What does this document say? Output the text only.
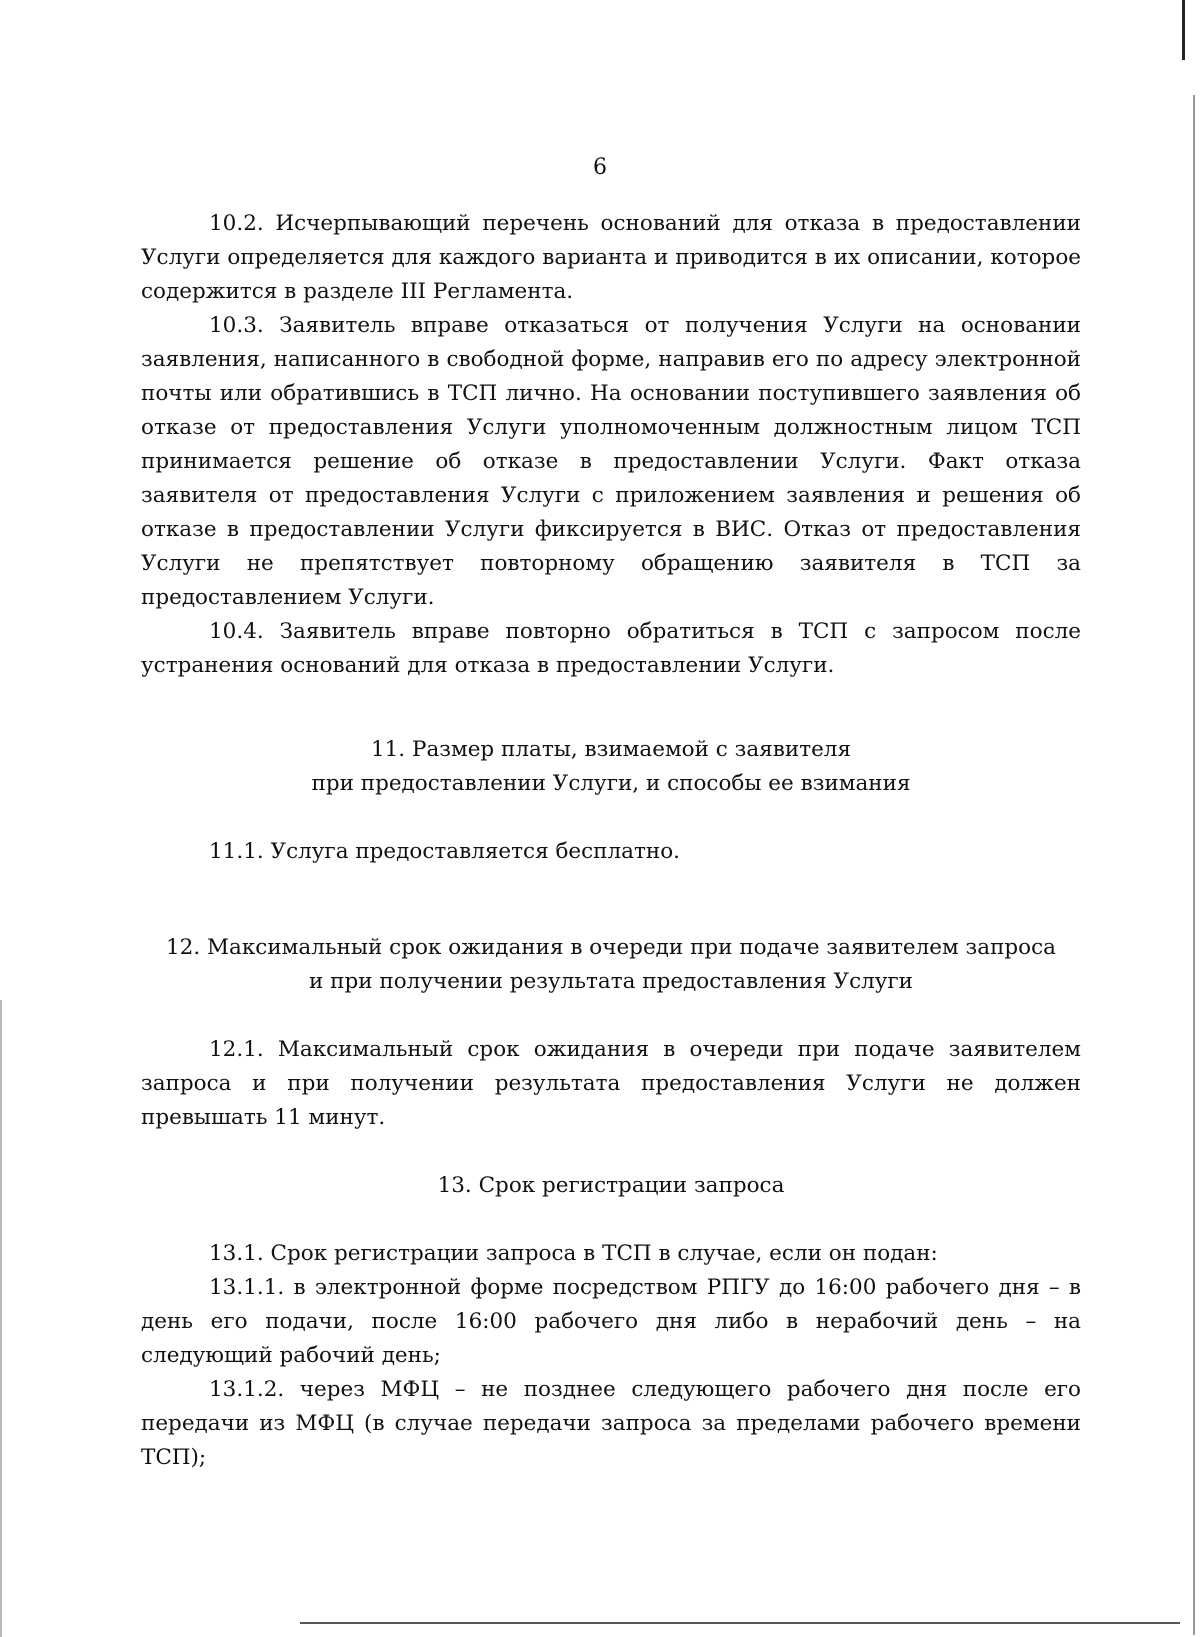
6

10.2. Исчерпывающий перечень оснований для отказа в предоставлении Услуги определяется для каждого варианта и приводится в их описании, которое содержится в разделе III Регламента.

10.3. Заявитель вправе отказаться от получения Услуги на основании заявления, написанного в свободной форме, направив его по адресу электронной почты или обратившись в ТСП лично. На основании поступившего заявления об отказе от предоставления Услуги уполномоченным должностным лицом ТСП принимается решение об отказе в предоставлении Услуги. Факт отказа заявителя от предоставления Услуги с приложением заявления и решения об отказе в предоставлении Услуги фиксируется в ВИС. Отказ от предоставления Услуги не препятствует повторному обращению заявителя в ТСП за предоставлением Услуги.

10.4. Заявитель вправе повторно обратиться в ТСП с запросом после устранения оснований для отказа в предоставлении Услуги.

11. Размер платы, взимаемой с заявителя

при предоставлении Услуги, и способы ее взимания

11.1. Услуга предоставляется бесплатно.

12. Максимальный срок ожидания в очереди при подаче заявителем запроса

и при получении результата предоставления Услуги

12.1. Максимальный срок ожидания в очереди при подаче заявителем запроса и при получении результата предоставления Услуги не должен превышать 11 минут.

13. Срок регистрации запроса

13.1. Срок регистрации запроса в ТСП в случае, если он подан:

13.1.1. в электронной форме посредством РПГУ до 16:00 рабочего дня – в день его подачи, после 16:00 рабочего дня либо в нерабочий день – на следующий рабочий день;

13.1.2. через МФЦ – не позднее следующего рабочего дня после его передачи из МФЦ (в случае передачи запроса за пределами рабочего времени ТСП);
